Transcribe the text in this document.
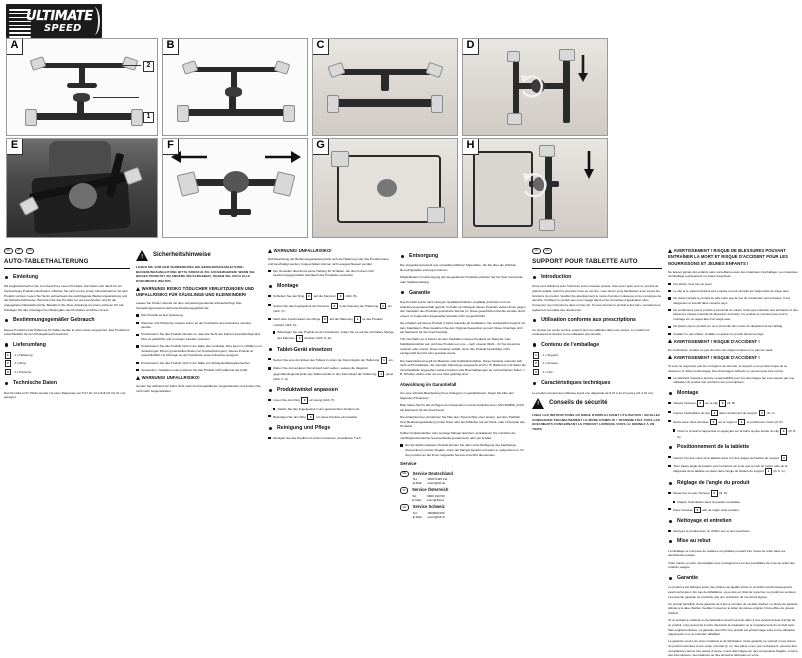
ULTIMATE
SPEED
A
2
1
B	C	D
E	F	G	H
DE	AT	CH
AUTO-TABLETHALTERUNG
Einleitung

Wir beglückwünschen Sie zum Kauf Ihres neuen Produkts. Sie haben sich damit für ein hochwertiges Produkt entschieden. Machen Sie sich vor der ersten Inbetriebnahme mit dem Produkt vertraut. Lesen Sie hierzu aufmerksam die nachfolgende Bedienungsanleitung und die Sicherheitshinweise. Benutzen Sie das Produkt nur wie beschrieben und für die angegebenen Einsatzbereiche. Bewahren Sie diese Anleitung an einem sicheren Ort auf. Händigen Sie alle Unterlagen bei Weitergabe des Produktes an Dritte mit aus.

Bestimmungsgemäßer Gebrauch

Dieses Produkt ist als Halterung für Tablet-Geräte in einem Auto vorgesehen. Das Produkt ist ausschließlich für den Privatgebrauch bestimmt.

Lieferumfang
1	1 x Halterung
2	1 x Ring
3	1 x Klammer
Technische Daten

Das Produkt ist für Tablet-Geräte mit einer Diagonale von 8,27 bis 12,2 Zoll (21 bis 31 cm) geeignet.

!
Sicherheitshinweise

LESEN SIE VOR DER VERWENDUNG DIE BEDIENUNGSANLEITUNG! BEDIENUNGSANLEITUNG BITTE SORGFÄLTIG AUFBEWAHREN! WENN SIE DIESES PRODUKT AN ANDERE WEITERGEBEN, GEBEN SIE AUCH ALLE DOKUMENTE WEITER.

WARNUNG! RISIKO TÖDLICHER VERLETZUNGEN UND UNFALLRISIKO FÜR SÄUGLINGE UND KLEINKINDER!

Lassen Sie Kinder niemals mit dem Verpackungsmaterial unbeaufsichtigt. Das Verpackungsmaterial stellt eine Erstickungsgefahr dar.

Das Produkt ist kein Spielzeug.

Klammer und Halterung müssen sicher an der Kopfstütze des Autositzes montiert werden.

Positionieren Sie das Produkt niemals so, dass die Sicht des Fahrers beeinträchtigt wird. Dies ist gefährlich und in einigen Ländern verboten.

Positionieren Sie das Produkt nicht in der Nähe des Lenkrads. Dies kann zu Unfällen und Verletzungen führen (potenzielles Risiko von Kopfverletzungen). Dieses Produkt ist ausschließlich zur Montage an der Kopfstütze eines Autositzes geeignet.

Positionieren Sie das Produkt nicht in der Nähe von Airbag-Entfaltungsbereichen.

Verwenden, installieren oder justieren Sie das Produkt nicht während der Fahrt.

WARNUNG! UNFALLRISIKO!

Greifen Sie während der Fahrt nicht nach heruntergefallenen Gegenständen und suchen Sie nicht nach Gegenständen.

WARNUNG! UNFALLRISIKO!

Nichtbeachtung der Bedienungsanleitung kann sich die Halterung oder das Produkt lösen und beschädigt werden. Folgeschäden können nicht ausgeschlossen werden.

Der Hersteller übernimmt keine Haftung für Schäden, die durch einen nicht bestimmungsgemäßen Gebrauch des Produktes entstehen.

Montage

Schieben Sie den Ring 2 auf die Klammer 3 (Abb. B).

Setzen Sie das Kugelgelenk der Klammer 3 in die Fassung der Halterung 1 ein (Abb. C).

Nach dem Anschrauben des Rings 2 auf die Halterung 1 ist das Produkt montiert (Abb. D).

Befestigen Sie das Produkt an der Kopfstütze, indem Sie es auf die schmalere Stange der Klammer 3 drücken (Abb. D, E).

Tablet-Gerät einsetzen

Setzen Sie eine der Ecken des Tablets in einen der Klemmköpfe der Halterung 1 ein.

Ziehen Sie den anderen Klemmkopf nach außen, sodass die diagonal gegenüberliegende Ecke des Tablet-Geräts in den Klemmkopf der Halterung 1 passt (Abb. F, G).

Produktwinkel anpassen

Lösen Sie den Ring 2 ein wenig (Abb. H).

Stellen Sie das Kugelgelenk in der gewünschten Position ein.

Befestigen Sie den Ring 2 , um diese Position einzustellen.

Reinigung und Pflege

Reinigen Sie das Produkt mit einem trockenen, fusselfreien Tuch.

Entsorgung

Die Verpackung besteht aus umweltfreundlichen Materialien, die Sie über die örtlichen Recyclingstellen entsorgen können.

Möglichkeiten zur Entsorgung des ausgedienten Produkts erfahren Sie bei Ihrer Gemeinde- oder Stadtverwaltung.

Garantie

Das Produkt wurde nach strengen Qualitätsrichtlinien sorgfältig produziert und vor Anlieferung gewissenhaft geprüft. Im Falle von Mängeln dieses Produkts stehen Ihnen gegen den Verkäufer des Produkts gesetzliche Rechte zu. Diese gesetzlichen Rechte werden durch unsere im Folgenden dargestellte Garantie nicht eingeschränkt.

Sie erhalten auf dieses Produkt 3 Jahre Garantie ab Kaufdatum. Die Garantiefrist beginnt mit dem Kaufdatum. Bitte bewahren Sie den Original-Kassenbon gut auf. Diese Unterlage wird als Nachweis für den Kauf benötigt.

Tritt innerhalb von 3 Jahren ab dem Kaufdatum dieses Produkts ein Material- oder Fabrikationsfehler auf, wird das Produkt von uns – nach unserer Wahl – für Sie kostenlos repariert oder ersetzt. Diese Garantie verfällt, wenn das Produkt beschädigt, nicht sachgemäß benutzt oder gewartet wurde.

Die Garantieleistung gilt für Material- oder Fabrikationsfehler. Diese Garantie erstreckt sich nicht auf Produktteile, die normaler Abnutzung ausgesetzt sind (z. B. Batterien) und daher als Verschleißteile angesehen werden können oder Beschädigungen an zerbrechlichen Teilen, z. B. Schalter, Akkus oder die aus Glas gefertigt sind.

Abwicklung im Garantiefall

Um eine schnelle Bearbeitung Ihres Anliegens zu gewährleisten, folgen Sie bitte den folgenden Hinweisen:

Bitte halten Sie für alle Anfragen den Kassenbon und die Artikelnummer (IAN 384805_2107) als Nachweis für den Kauf bereit.

Die Artikelnummer entnehmen Sie bitte dem Typenschild, einer Gravur, auf dem Titelblatt Ihrer Bedienungsanleitung (unten links) oder als Aufkleber auf der Rück- oder Unterseite des Produkts.

Sollten Funktionsfehler oder sonstige Mängel auftreten, kontaktieren Sie zunächst die nachfolgend benannte Serviceabteilung telefonisch oder per E-Mail.

Ein als defekt erfasstes Produkt können Sie dann unter Beifügung des Kaufbelegs (Kassenbon) und der Angabe, worin der Mangel besteht und wann er aufgetreten ist, für Sie portofrei an die Ihnen mitgeteilte Service-Anschrift übersenden.

Service
DE	Service Deutschland
Tel:	0800 5435 111
E-Mail: owim@lidl.de
AT	Service Österreich
Tel:	0800 292726
E-Mail: owim@lidl.at
CH	Service Schweiz
Tel:	0800562153
E-Mail: owim@lidl.ch
FR	CH
SUPPORT POUR TABLETTE AUTO
Introduction

Nous vous félicitons pour l'achat de votre nouveau produit. Vous avez opté pour un produit de grande qualité. Avant la première mise en service, vous devez vous familiariser avec toutes les fonctions du produit. Veuillez lire attentivement le mode d'emploi ci-dessous et les consignes de sécurité. N'utilisez le produit que pour l'usage décrit et les domaines d'application cités. Conserver ces instructions dans un lieu sûr. Si vous donnez le produit à des tiers, remettez-leur également la totalité des documents.

Utilisation conforme aux prescriptions

Ce produit est conçu comme support pour les tablettes dans une voiture. Le produit est exclusivement destiné à une utilisation personnelle.

Contenu de l'emballage
1	1 x Support
2	1 x Anneau
3	1 x Clip
Caractéristiques techniques

Le produit convient aux tablettes ayant une diagonale de 8,27 à 12,2 pouces (21 à 31 cm).

!
Conseils de sécurité

LISEZ LES INSTRUCTIONS DU MODE D'EMPLOI AVANT UTILISATION ! VEUILLEZ CONSERVER SOIGNEUSEMENT LE MODE D'EMPLOI ! TRANSMETTEZ TOUS LES DOCUMENTS CONCERNANT LE PRODUIT LORSQUE VOUS LE DONNEZ À UN TIERS.

AVERTISSEMENT ! RISQUE DE BLESSURES POUVANT ENTRAÎNER LA MORT ET RISQUE D'ACCIDENT POUR LES NOURRISSONS ET JEUNES ENFANTS !

Ne laissez jamais des enfants sans surveillance avec des matériaux d'emballage. Les matériaux d'emballage représentent un risque d'asphyxie.

Cet article n'est pas un jouet.

Le clip et le support doivent être montés en tout sécurité sur l'appui-tête du siège auto.

Ne placez jamais le produit de telle sorte que la vue du conducteur soit entravée. C'est dangereux et interdit dans certains pays.

Ne positionnez pas le produit à proximité du volant. Cela peut entraîner des accidents et des blessures (risque potentiel de blessures à la tête). Ce produit ne convient que pour le montage sur un appui-tête d'un siège auto.

Ne placez pas le produit sur ou à proximité des zones de déploiement de l'airbag.

Veuillez ne pas utiliser, installer ou ajuster le produit durant le trajet.

AVERTISSEMENT ! RISQUE D'ACCIDENT !

En conduisant, veuillez ne pas chercher les objets tombés et ne pas les saisir.

AVERTISSEMENT ! RISQUE D'ACCIDENT !

Si vous ne respectez pas les consignes de sécurité, le support ou le produit risque de se desserrer et d'être endommagé. Des dommages indirects ne peuvent pas être exclus.

Le fabricant n'assume aucune responsabilité pour les dommages qui sont causés par une utilisation du produit non conforme aux prescriptions.

Montage

Glissez l'anneau 2 sur le clip 3 (ill. B).

Insérez l'articulation du clip 3 dans l'évidement du support 1 (ill. C).

Après avoir vissé l'anneau 2 sur le support 1 , le produit est monté (ill. D).

Fixez le produit à l'appui-tête en appuyant sur la barre la plus étroite du clip 3 (ill. D, E).

Positionnement de la tablette

Insérez l'un des coins de la tablette dans l'un des angles de fixation du support 1 .

Tirez l'autre angle de fixation vers l'extérieur de sorte que le coin de l'autre côté de la diagonale de la tablette se place dans l'angle de fixation du support 1 (ill. F, G).

Réglage de l'angle du produit

Desserrez un peu l'anneau 2 (ill. H).

Réglez l'articulation dans la position souhaitée.

Fixez l'anneau 2 afin de régler cette position.

Nettoyage et entretien

Nettoyez le produit avec un chiffon sec et non pelucheux.

Mise au rebut

L'emballage se compose de matières recyclables pouvant être mises au rebut dans les déchetteries locales.

Votre mairie ou votre municipalité vous renseigneront sur les possibilités de mise au rebut des produits usagés.

Garantie

Le produit a été fabriqué selon des critères de qualité stricts et contrôlé consciencieusement avant sa livraison. En cas de défaillance, vous êtes en droit de retourner ce produit au vendeur. La présente garantie ne constitue pas une restriction de vos droits légaux.

Ce produit bénéficie d'une garantie de 3 ans à compter de sa date d'achat. La durée de garantie débute à la date d'achat. Veuillez conserver le ticket de caisse original. Il fera office de preuve d'achat.

Si un problème matériel ou de fabrication devait survenir dans 3 ans suivant la date d'achat de ce produit, nous assurons à notre discrétion la réparation ou le remplacement du produit sans frais supplémentaires. La garantie prend fin si le produit est endommagé suite à une utilisation inapproprié ou à un entretien défaillant.

La garantie couvre les vices matériels et de fabrication. Cette garantie ne s'étend ni aux pièces du produit soumises à une usure normale (p. ex. des piles) et qui, par conséquent, peuvent être considérées comme des pièces d'usure, ni aux dommages sur des composants fragiles, comme des interrupteurs, des batteries ou des éléments fabriqués en verre.
